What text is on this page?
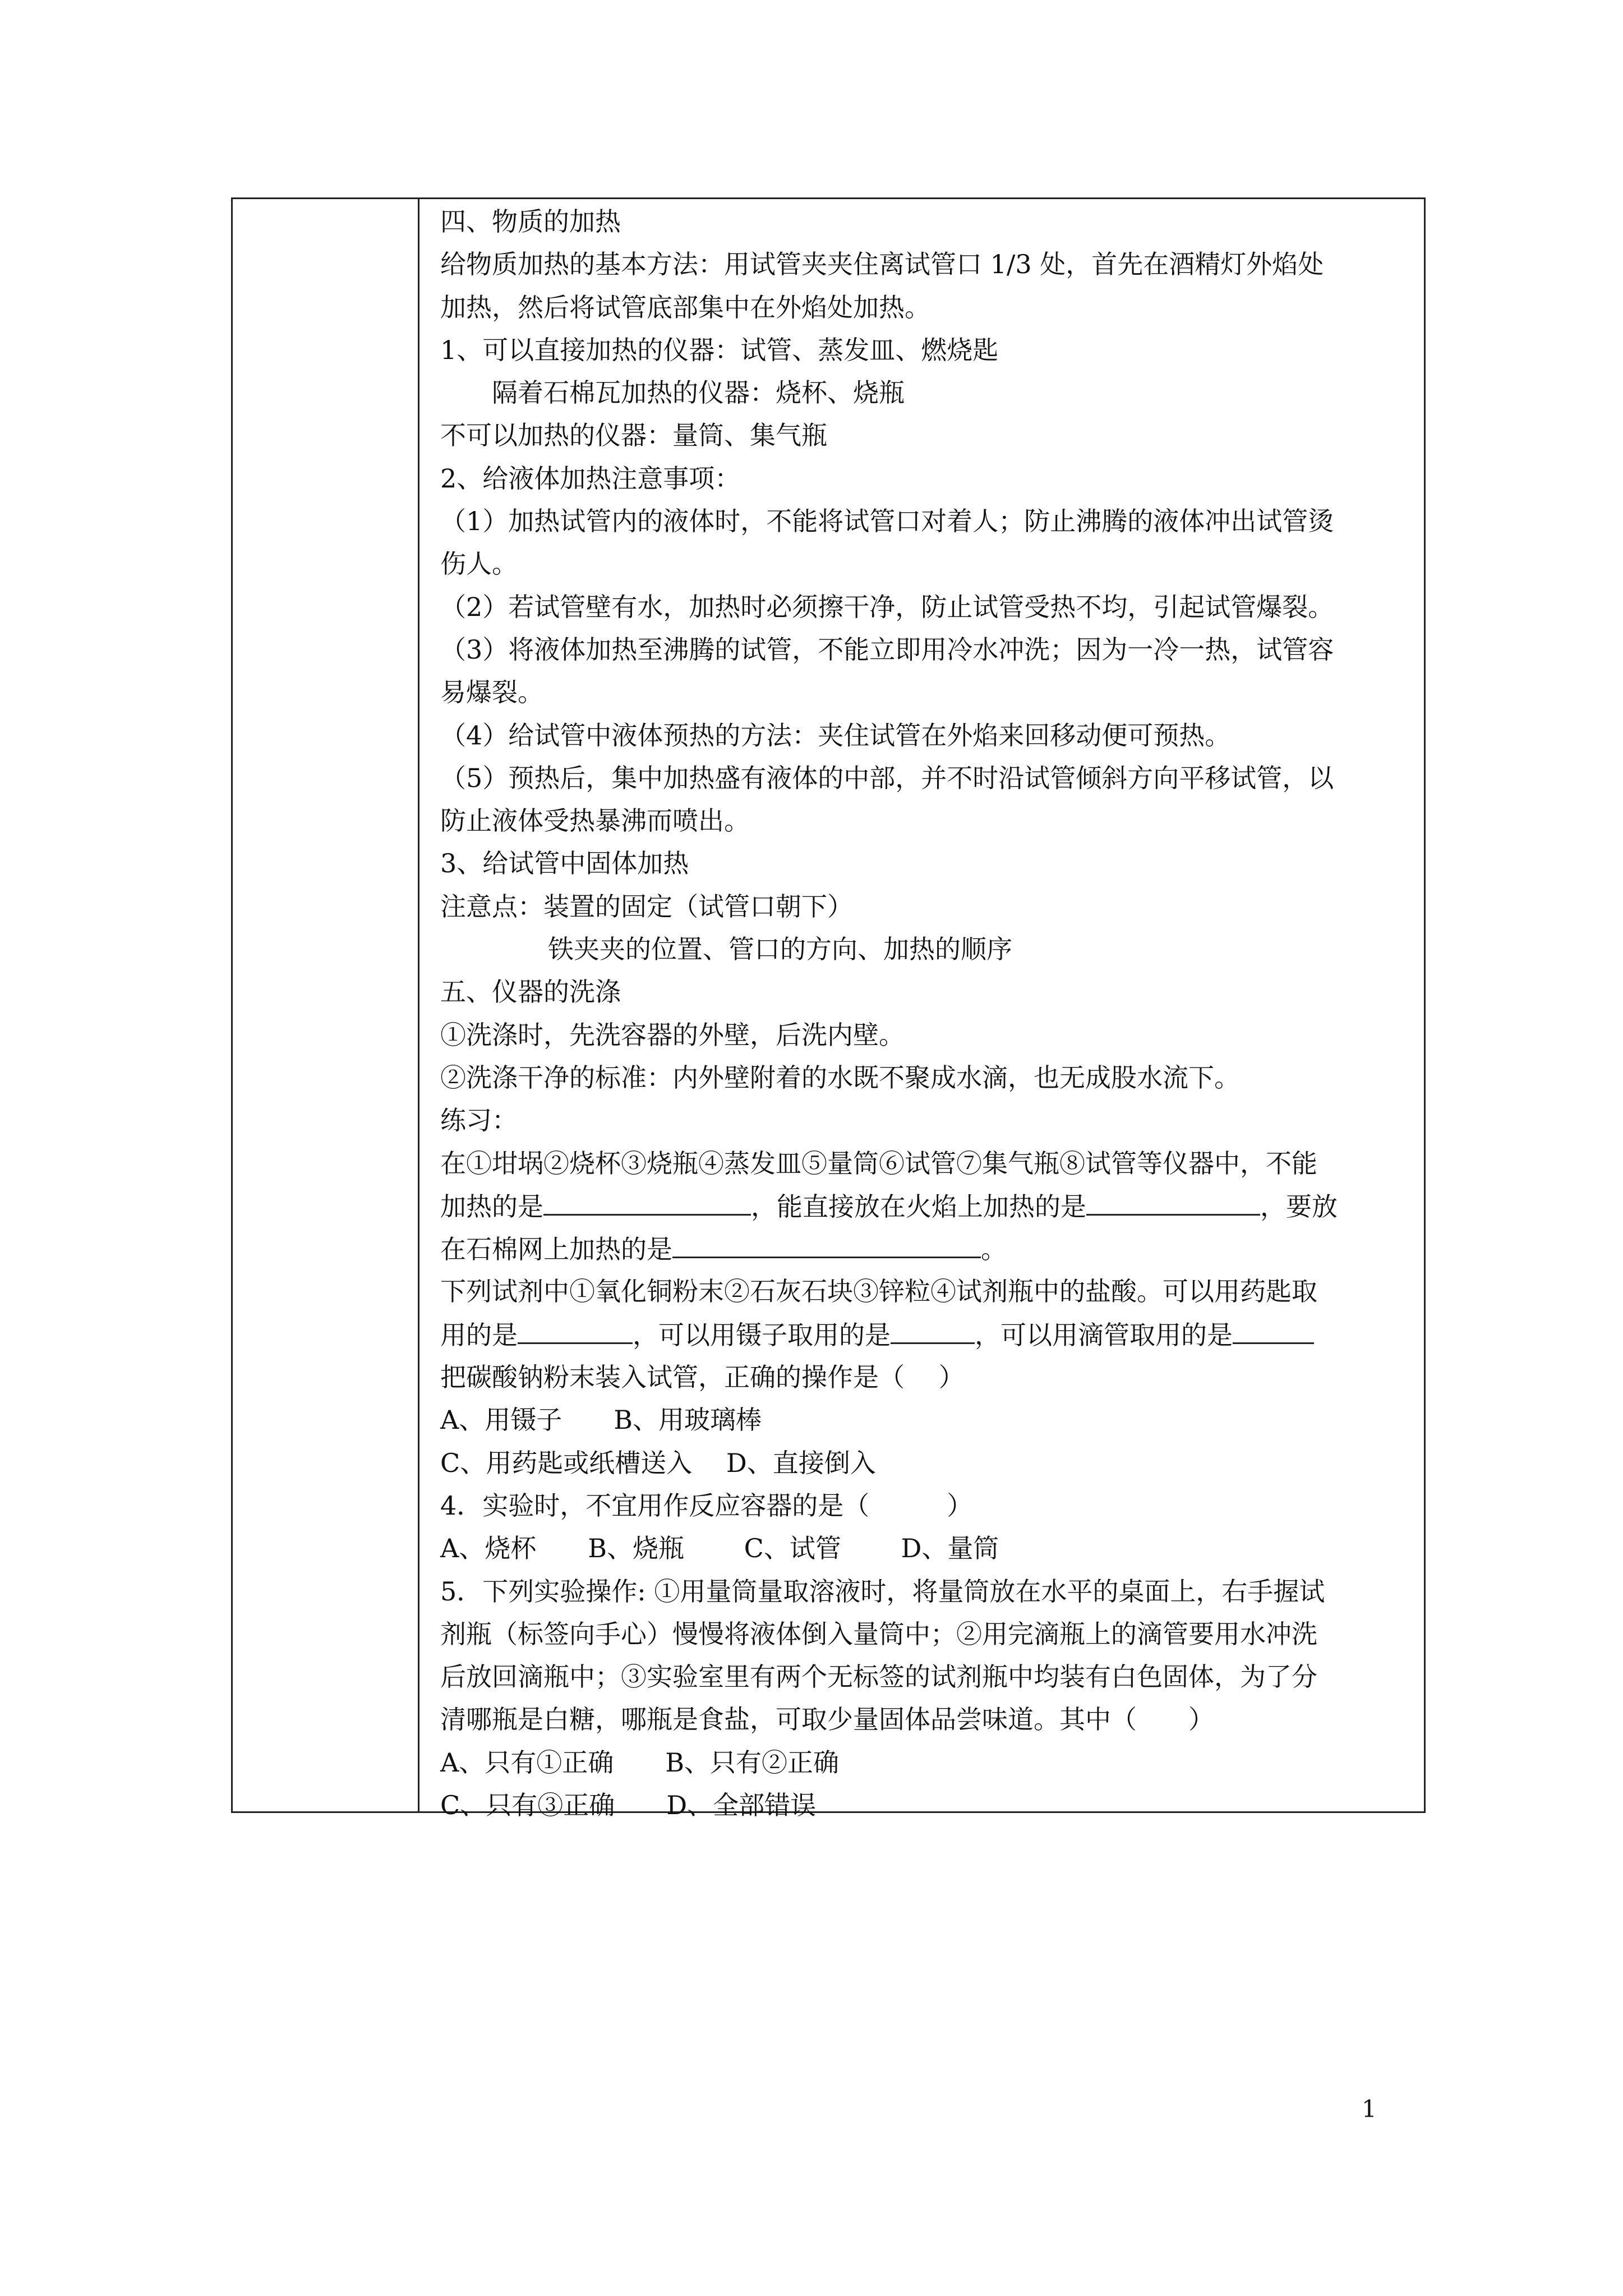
四、物质的加热
给物质加热的基本方法：用试管夹夹住离试管口 1/3 处，首先在酒精灯外焰处
加热，然后将试管底部集中在外焰处加热。
1、可以直接加热的仪器：试管、蒸发皿、燃烧匙
隔着石棉瓦加热的仪器：烧杯、烧瓶
不可以加热的仪器：量筒、集气瓶
2、给液体加热注意事项：
（1）加热试管内的液体时，不能将试管口对着人；防止沸腾的液体冲出试管烫
伤人。
（2）若试管壁有水，加热时必须擦干净，防止试管受热不均，引起试管爆裂。
（3）将液体加热至沸腾的试管，不能立即用冷水冲洗；因为一冷一热，试管容
易爆裂。
（4）给试管中液体预热的方法：夹住试管在外焰来回移动便可预热。
（5）预热后，集中加热盛有液体的中部，并不时沿试管倾斜方向平移试管，以
防止液体受热暴沸而喷出。
3、给试管中固体加热
注意点：装置的固定（试管口朝下）
铁夹夹的位置、管口的方向、加热的顺序
五、仪器的洗涤
①洗涤时，先洗容器的外壁，后洗内壁。
②洗涤干净的标准：内外壁附着的水既不聚成水滴，也无成股水流下。
练习：
在①坩埚②烧杯③烧瓶④蒸发皿⑤量筒⑥试管⑦集气瓶⑧试管等仪器中，不能
加热的是	，能直接放在火焰上加热的是	，要放
在石棉网上加热的是	。
下列试剂中①氧化铜粉末②石灰石块③锌粒④试剂瓶中的盐酸。可以用药匙取
用的是	，可以用镊子取用的是	，可以用滴管取用的是
把碳酸钠粉末装入试管，正确的操作是（　 ）
A、用镊子　　B、用玻璃棒
C、用药匙或纸槽送入　 D、直接倒入
4．实验时，不宜用作反应容器的是（　　　）
A、烧杯　　B、烧瓶　　 C、试管　　 D、量筒
5．下列实验操作: ①用量筒量取溶液时，将量筒放在水平的桌面上，右手握试
剂瓶（标签向手心）慢慢将液体倒入量筒中；②用完滴瓶上的滴管要用水冲洗
后放回滴瓶中；③实验室里有两个无标签的试剂瓶中均装有白色固体，为了分
清哪瓶是白糖，哪瓶是食盐，可取少量固体品尝味道。其中（　　）
A、只有①正确　　B、只有②正确
C、只有③正确　　D、全部错误
1
